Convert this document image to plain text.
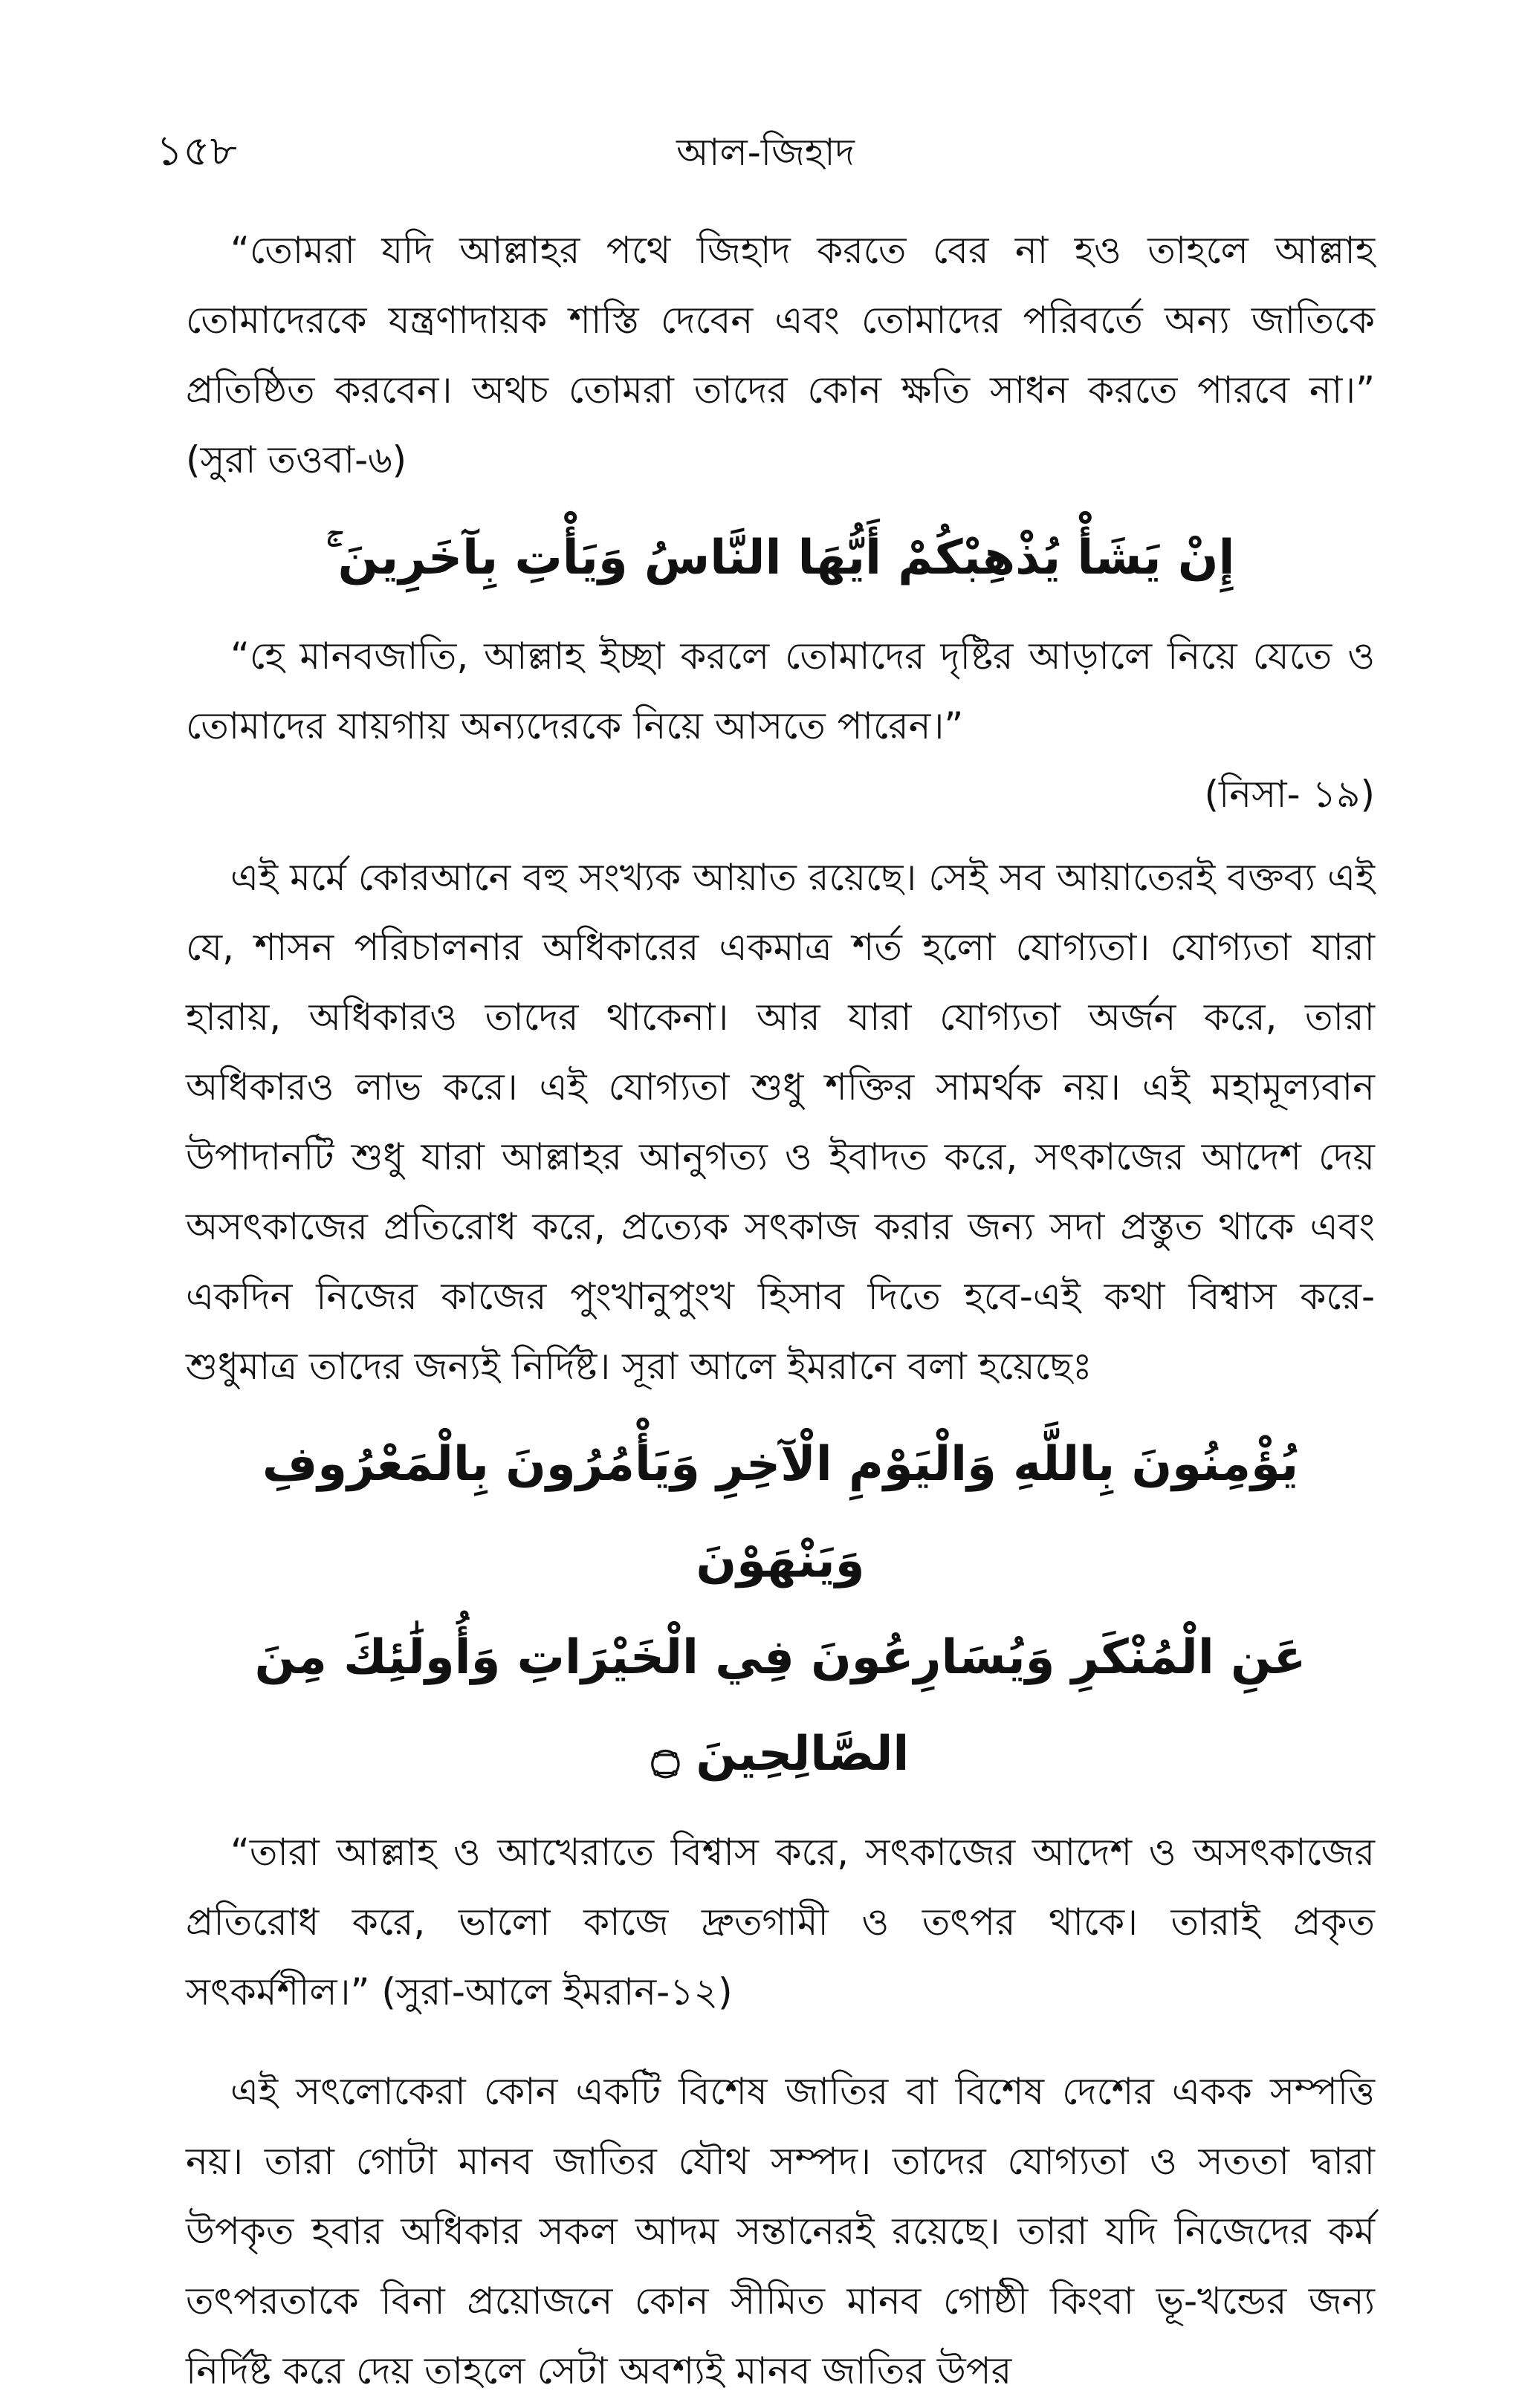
১৫৮	আল-জিহাদ

“তোমরা যদি আল্লাহর পথে জিহাদ করতে বের না হও তাহলে আল্লাহ তোমাদেরকে যন্ত্রণাদায়ক শাস্তি দেবেন এবং তোমাদের পরিবর্তে অন্য জাতিকে প্রতিষ্ঠিত করবেন। অথচ তোমরা তাদের কোন ক্ষতি সাধন করতে পারবে না।” (সুরা তওবা-৬)

إِنْ يَشَأْ يُذْهِبْكُمْ أَيُّهَا النَّاسُ وَيَأْتِ بِآخَرِينَ ۚ

“হে মানবজাতি, আল্লাহ ইচ্ছা করলে তোমাদের দৃষ্টির আড়ালে নিয়ে যেতে ও তোমাদের যায়গায় অন্যদেরকে নিয়ে আসতে পারেন।”

(নিসা- ১৯)

এই মর্মে কোরআনে বহু সংখ্যক আয়াত রয়েছে। সেই সব আয়াতেরই বক্তব্য এই যে, শাসন পরিচালনার অধিকারের একমাত্র শর্ত হলো যোগ্যতা। যোগ্যতা যারা হারায়, অধিকারও তাদের থাকেনা। আর যারা যোগ্যতা অর্জন করে, তারা অধিকারও লাভ করে। এই যোগ্যতা শুধু শক্তির সামর্থক নয়। এই মহামূল্যবান উপাদানটি শুধু যারা আল্লাহর আনুগত্য ও ইবাদত করে, সৎকাজের আদেশ দেয় অসৎকাজের প্রতিরোধ করে, প্রত্যেক সৎকাজ করার জন্য সদা প্রস্তুত থাকে এবং একদিন নিজের কাজের পুংখানুপুংখ হিসাব দিতে হবে-এই কথা বিশ্বাস করে-শুধুমাত্র তাদের জন্যই নির্দিষ্ট। সূরা আলে ইমরানে বলা হয়েছেঃ

يُؤْمِنُونَ بِاللَّهِ وَالْيَوْمِ الْآخِرِ وَيَأْمُرُونَ بِالْمَعْرُوفِ وَيَنْهَوْنَ

عَنِ الْمُنْكَرِ وَيُسَارِعُونَ فِي الْخَيْرَاتِ وَأُولَٰئِكَ مِنَ الصَّالِحِينَ ۝

“তারা আল্লাহ ও আখেরাতে বিশ্বাস করে, সৎকাজের আদেশ ও অসৎকাজের প্রতিরোধ করে, ভালো কাজে দ্রুতগামী ও তৎপর থাকে। তারাই প্রকৃত সৎকর্মশীল।” (সুরা-আলে ইমরান-১২)

এই সৎলোকেরা কোন একটি বিশেষ জাতির বা বিশেষ দেশের একক সম্পত্তি নয়। তারা গোটা মানব জাতির যৌথ সম্পদ। তাদের যোগ্যতা ও সততা দ্বারা উপকৃত হবার অধিকার সকল আদম সন্তানেরই রয়েছে। তারা যদি নিজেদের কর্ম তৎপরতাকে বিনা প্রয়োজনে কোন সীমিত মানব গোষ্ঠী কিংবা ভূ-খন্ডের জন্য নির্দিষ্ট করে দেয় তাহলে সেটা অবশ্যই মানব জাতির উপর
